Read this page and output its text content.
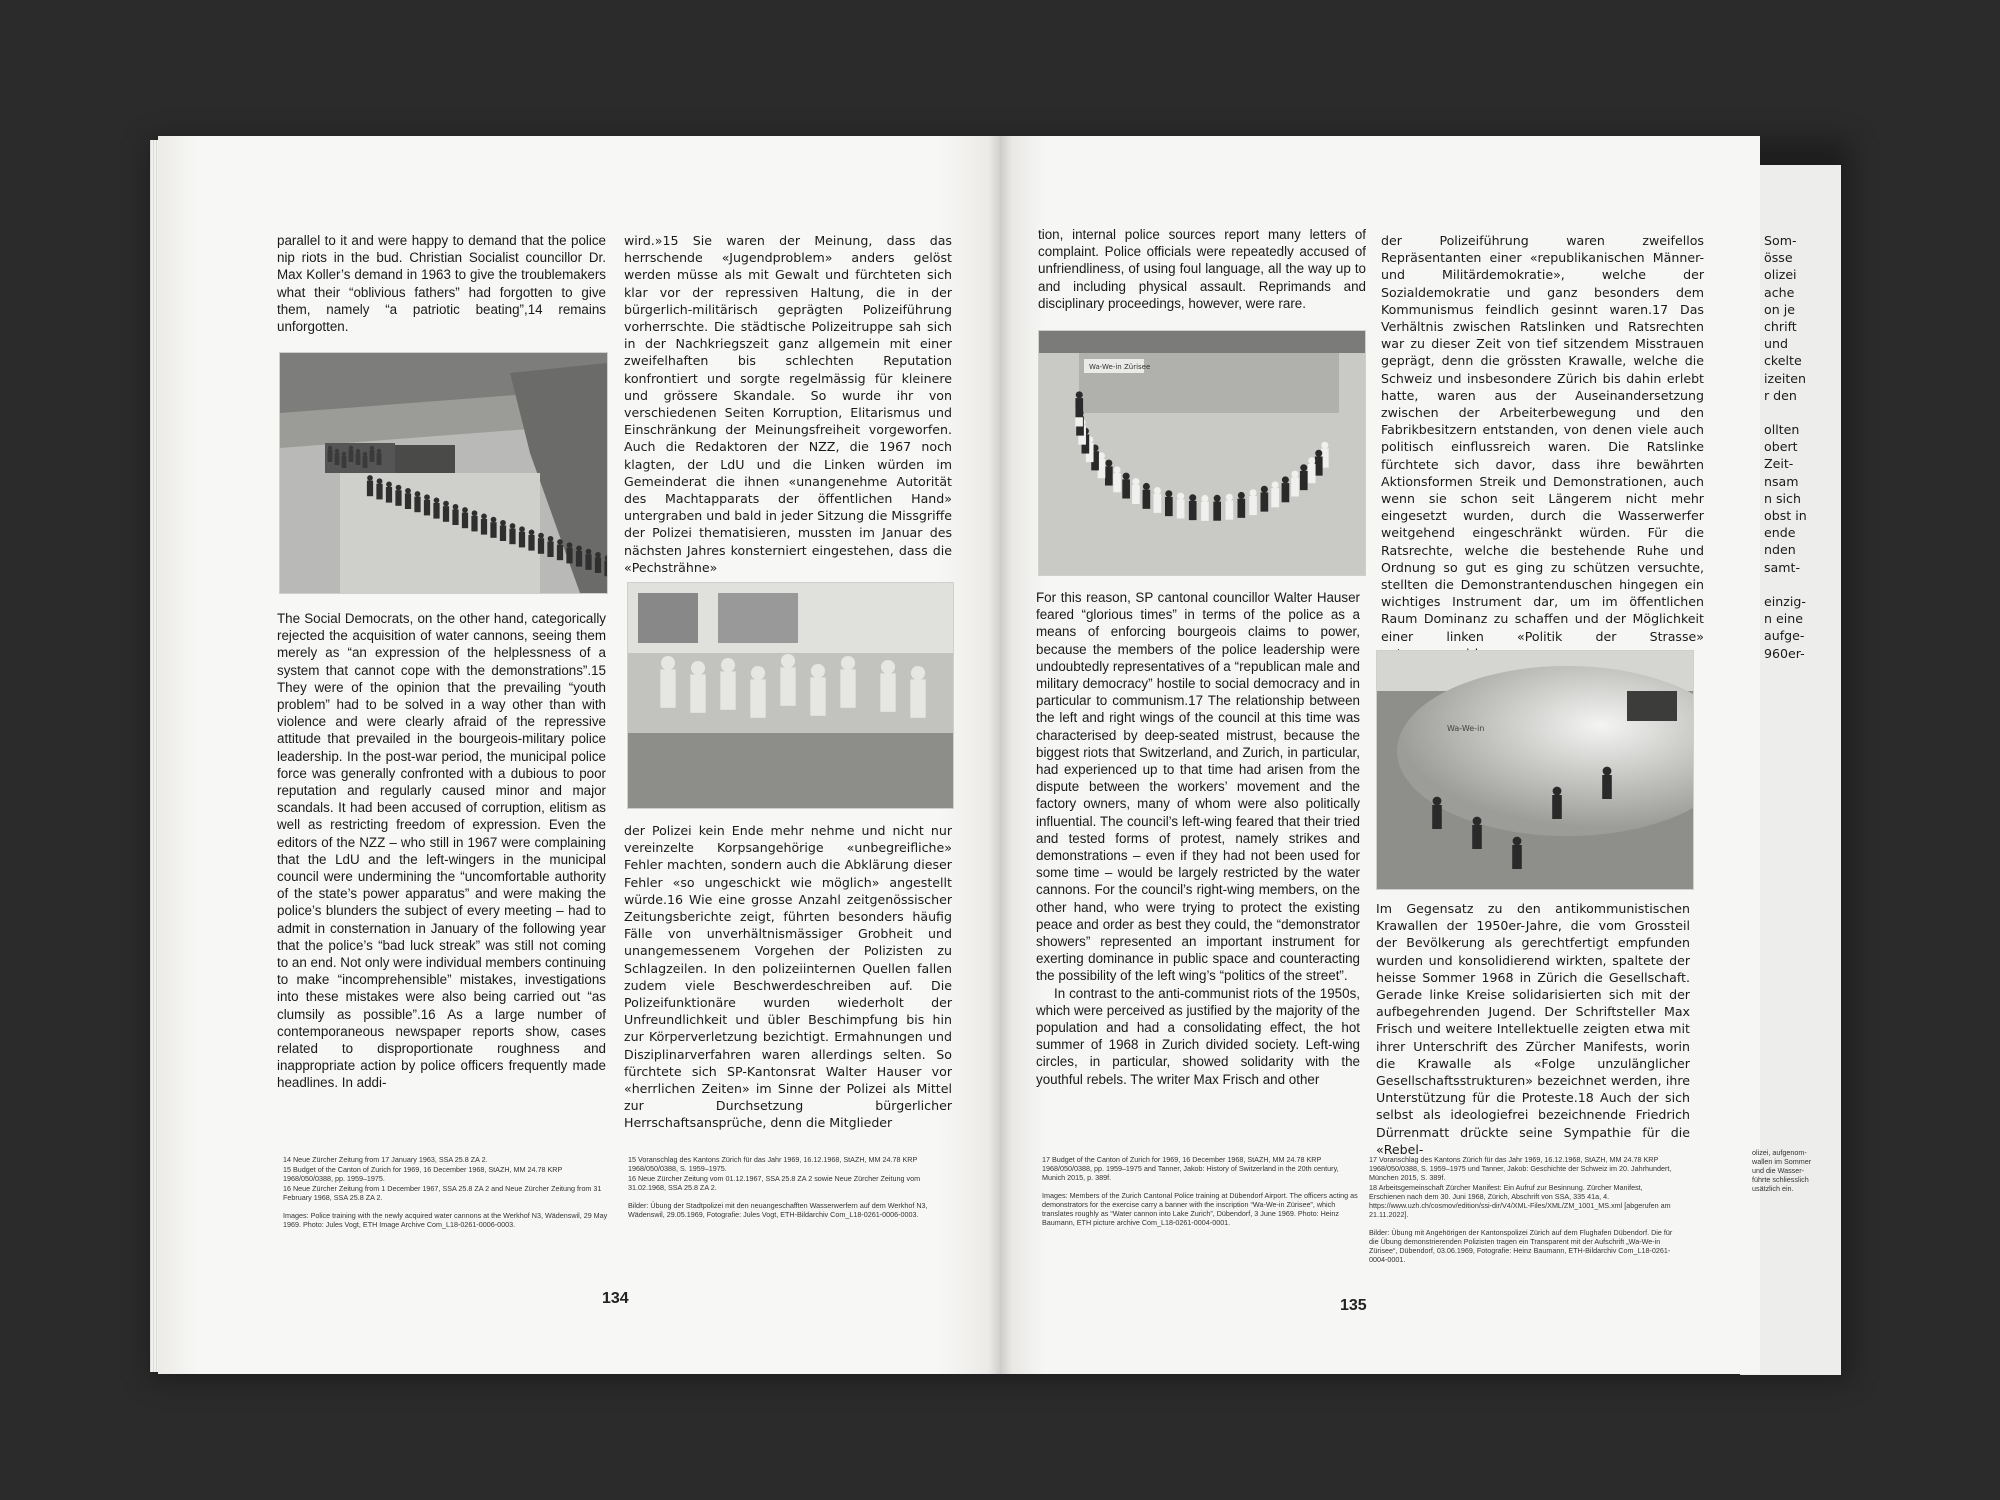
parallel to it and were happy to demand that the police nip riots in the bud. Christian Socialist councillor Dr. Max Koller’s demand in 1963 to give the troublemakers what their “oblivious fathers” had forgotten to give them, namely “a patriotic beating”,14 remains unforgotten.

The Social Democrats, on the other hand, categorically rejected the acquisition of water cannons, seeing them merely as “an expression of the helplessness of a system that cannot cope with the demonstrations”.15 They were of the opinion that the prevailing “youth problem” had to be solved in a way other than with violence and were clearly afraid of the repressive attitude that prevailed in the bourgeois-military police leadership. In the post-war period, the municipal police force was generally confronted with a dubious to poor reputation and regularly caused minor and major scandals. It had been accused of corruption, elitism as well as restricting freedom of expression. Even the editors of the NZZ – who still in 1967 were complaining that the LdU and the left-wingers in the municipal council were undermining the “uncomfortable authority of the state’s power apparatus” and were making the police’s blunders the subject of every meeting – had to admit in consternation in January of the following year that the police’s “bad luck streak” was still not coming to an end. Not only were individual members continuing to make “incomprehensible” mistakes, investigations into these mistakes were also being carried out “as clumsily as possible”.16 As a large number of contemporaneous newspaper reports show, cases related to disproportionate roughness and inappropriate action by police officers frequently made headlines. In addi-

wird.»15 Sie waren der Meinung, dass das herrschende «Jugendproblem» anders gelöst werden müsse als mit Gewalt und fürchteten sich klar vor der repressiven Haltung, die in der bürgerlich-militärisch geprägten Polizeiführung vorherrschte. Die städtische Polizeitruppe sah sich in der Nachkriegszeit ganz allgemein mit einer zweifelhaften bis schlechten Reputation konfrontiert und sorgte regelmässig für kleinere und grössere Skandale. So wurde ihr von verschiedenen Seiten Korruption, Elitarismus und Einschränkung der Meinungsfreiheit vorgeworfen. Auch die Redaktoren der NZZ, die 1967 noch klagten, der LdU und die Linken würden im Gemeinderat die ihnen «unangenehme Autorität des Machtapparats der öffentlichen Hand» untergraben und bald in jeder Sitzung die Missgriffe der Polizei thematisieren, mussten im Januar des nächsten Jahres konsterniert eingestehen, dass die «Pechsträhne»

der Polizei kein Ende mehr nehme und nicht nur vereinzelte Korpsangehörige «unbegreifliche» Fehler machten, sondern auch die Abklärung dieser Fehler «so ungeschickt wie möglich» angestellt würde.16 Wie eine grosse Anzahl zeitgenössischer Zeitungsberichte zeigt, führten besonders häufig Fälle von unverhältnismässiger Grobheit und unangemessenem Vorgehen der Polizisten zu Schlagzeilen. In den polizeiinternen Quellen fallen zudem viele Beschwerdeschreiben auf. Die Polizeifunktionäre wurden wiederholt der Unfreundlichkeit und übler Beschimpfung bis hin zur Körperverletzung bezichtigt. Ermahnungen und Disziplinarverfahren waren allerdings selten. So fürchtete sich SP-Kantonsrat Walter Hauser vor «herrlichen Zeiten» im Sinne der Polizei als Mittel zur Durchsetzung bürgerlicher Herrschaftsansprüche, denn die Mitglieder

14 Neue Zürcher Zeitung from 17 January 1963, SSA 25.8 ZA 2.
15 Budget of the Canton of Zurich for 1969, 16 December 1968, StAZH, MM 24.78 KRP 1968/050/0388, pp. 1959–1975.
16 Neue Zürcher Zeitung from 1 December 1967, SSA 25.8 ZA 2 and Neue Zürcher Zeitung from 31 February 1968, SSA 25.8 ZA 2.
Images: Police training with the newly acquired water cannons at the Werkhof N3, Wädenswil, 29 May 1969. Photo: Jules Vogt, ETH Image Archive Com_L18-0261-0006-0003.
15 Voranschlag des Kantons Zürich für das Jahr 1969, 16.12.1968, StAZH, MM 24.78 KRP 1968/050/0388, S. 1959–1975.
16 Neue Zürcher Zeitung vom 01.12.1967, SSA 25.8 ZA 2 sowie Neue Zürcher Zeitung vom 31.02.1968, SSA 25.8 ZA 2.
Bilder: Übung der Stadtpolizei mit den neuangeschafften Wasserwerfern auf dem Werkhof N3, Wädenswil, 29.05.1969, Fotografie: Jules Vogt, ETH-Bildarchiv Com_L18-0261-0006-0003.
134

tion, internal police sources report many letters of complaint. Police officials were repeatedly accused of unfriendliness, of using foul language, all the way up to and including physical assault. Reprimands and disciplinary proceedings, however, were rare.

Wa-We-in Zürisee

For this reason, SP cantonal councillor Walter Hauser feared “glorious times” in terms of the police as a means of enforcing bourgeois claims to power, because the members of the police leadership were undoubtedly representatives of a “republican male and military democracy” hostile to social democracy and in particular to communism.17 The relationship between the left and right wings of the council at this time was characterised by deep-seated mistrust, because the biggest riots that Switzerland, and Zurich, in particular, had experienced up to that time had arisen from the dispute between the workers’ movement and the factory owners, many of whom were also politically influential. The council’s left-wing feared that their tried and tested forms of protest, namely strikes and demonstrations – even if they had not been used for some time – would be largely restricted by the water cannons. For the council’s right-wing members, on the other hand, who were trying to protect the existing peace and order as best they could, the “demonstrator showers” represented an important instrument for exerting dominance in public space and counteracting the possibility of the left wing’s “politics of the street”.

In contrast to the anti-communist riots of the 1950s, which were perceived as justified by the majority of the population and had a consolidating effect, the hot summer of 1968 in Zurich divided society. Left-wing circles, in particular, showed solidarity with the youthful rebels. The writer Max Frisch and other

der Polizeiführung waren zweifellos Repräsentanten einer «republikanischen Männer- und Militärdemokratie», welche der Sozialdemokratie und ganz besonders dem Kommunismus feindlich gesinnt waren.17 Das Verhältnis zwischen Ratslinken und Ratsrechten war zu dieser Zeit von tief sitzendem Misstrauen geprägt, denn die grössten Krawalle, welche die Schweiz und insbesondere Zürich bis dahin erlebt hatte, waren aus der Auseinandersetzung zwischen der Arbeiterbewegung und den Fabrikbesitzern entstanden, von denen viele auch politisch einflussreich waren. Die Ratslinke fürchtete sich davor, dass ihre bewährten Aktionsformen Streik und Demonstrationen, auch wenn sie schon seit Längerem nicht mehr eingesetzt wurden, durch die Wasserwerfer weitgehend eingeschränkt würden. Für die Ratsrechte, welche die bestehende Ruhe und Ordnung so gut es ging zu schützen versuchte, stellten die Demonstrantenduschen hingegen ein wichtiges Instrument dar, um im öffentlichen Raum Dominanz zu schaffen und der Möglichkeit einer linken «Politik der Strasse»

Wa-We-in

Im Gegensatz zu den antikommunistischen Krawallen der 1950er-Jahre, die vom Grossteil der Bevölkerung als gerechtfertigt empfunden wurden und konsolidierend wirkten, spaltete der heisse Sommer 1968 in Zürich die Gesellschaft. Gerade linke Kreise solidarisierten sich mit der aufbegehrenden Jugend. Der Schriftsteller Max Frisch und weitere Intellektuelle zeigten etwa mit ihrer Unterschrift des Zürcher Manifests, worin die Krawalle als «Folge unzulänglicher Gesellschaftsstrukturen» bezeichnet werden, ihre Unterstützung für die Proteste.18 Auch der sich selbst als ideologiefrei bezeichnende Friedrich Dürrenmatt drückte seine Sympathie für die «Rebel-

17 Budget of the Canton of Zurich for 1969, 16 December 1968, StAZH, MM 24.78 KRP 1968/050/0388, pp. 1959–1975 and Tanner, Jakob: History of Switzerland in the 20th century, Munich 2015, p. 389f.
Images: Members of the Zurich Cantonal Police training at Dübendorf Airport. The officers acting as demonstrators for the exercise carry a banner with the inscription “Wa-We-in Züriseе”, which translates roughly as “Water cannon into Lake Zurich”, Dübendorf, 3 June 1969. Photo: Heinz Baumann, ETH picture archive Com_L18-0261-0004-0001.
17 Voranschlag des Kantons Zürich für das Jahr 1969, 16.12.1968, StAZH, MM 24.78 KRP 1968/050/0388, S. 1959–1975 und Tanner, Jakob: Geschichte der Schweiz im 20. Jahrhundert, München 2015, S. 389f.
18 Arbeitsgemeinschaft Zürcher Manifest: Ein Aufruf zur Besinnung. Zürcher Manifest, Erschienen nach dem 30. Juni 1968, Zürich, Abschrift von SSA, 335 41a, 4. https://www.uzh.ch/cosmov/edition/ssi-dir/V4/XML-Files/XML/ZM_1001_MS.xml [abgerufen am 21.11.2022].
Bilder: Übung mit Angehörigen der Kantonspolizei Zürich auf dem Flughafen Dübendorf. Die für die Übung demonstrierenden Polizisten tragen ein Transparent mit der Aufschrift „Wa-We-in Züriseе“, Dübendorf, 03.06.1969, Fotografie: Heinz Baumann, ETH-Bildarchiv Com_L18-0261-0004-0001.
135
Som-
össe
olizei
ache
on je
chrift
und
ckelte
izeiten
r den
ollten
obert
Zeit-
nsam
n sich
obst in
ende
nden
samt-
einzig-
n eine
aufge-
960er-
olizei, aufgenom-
wallen im Sommer
und die Wasser-
führte schliesslich
usätzlich ein.
